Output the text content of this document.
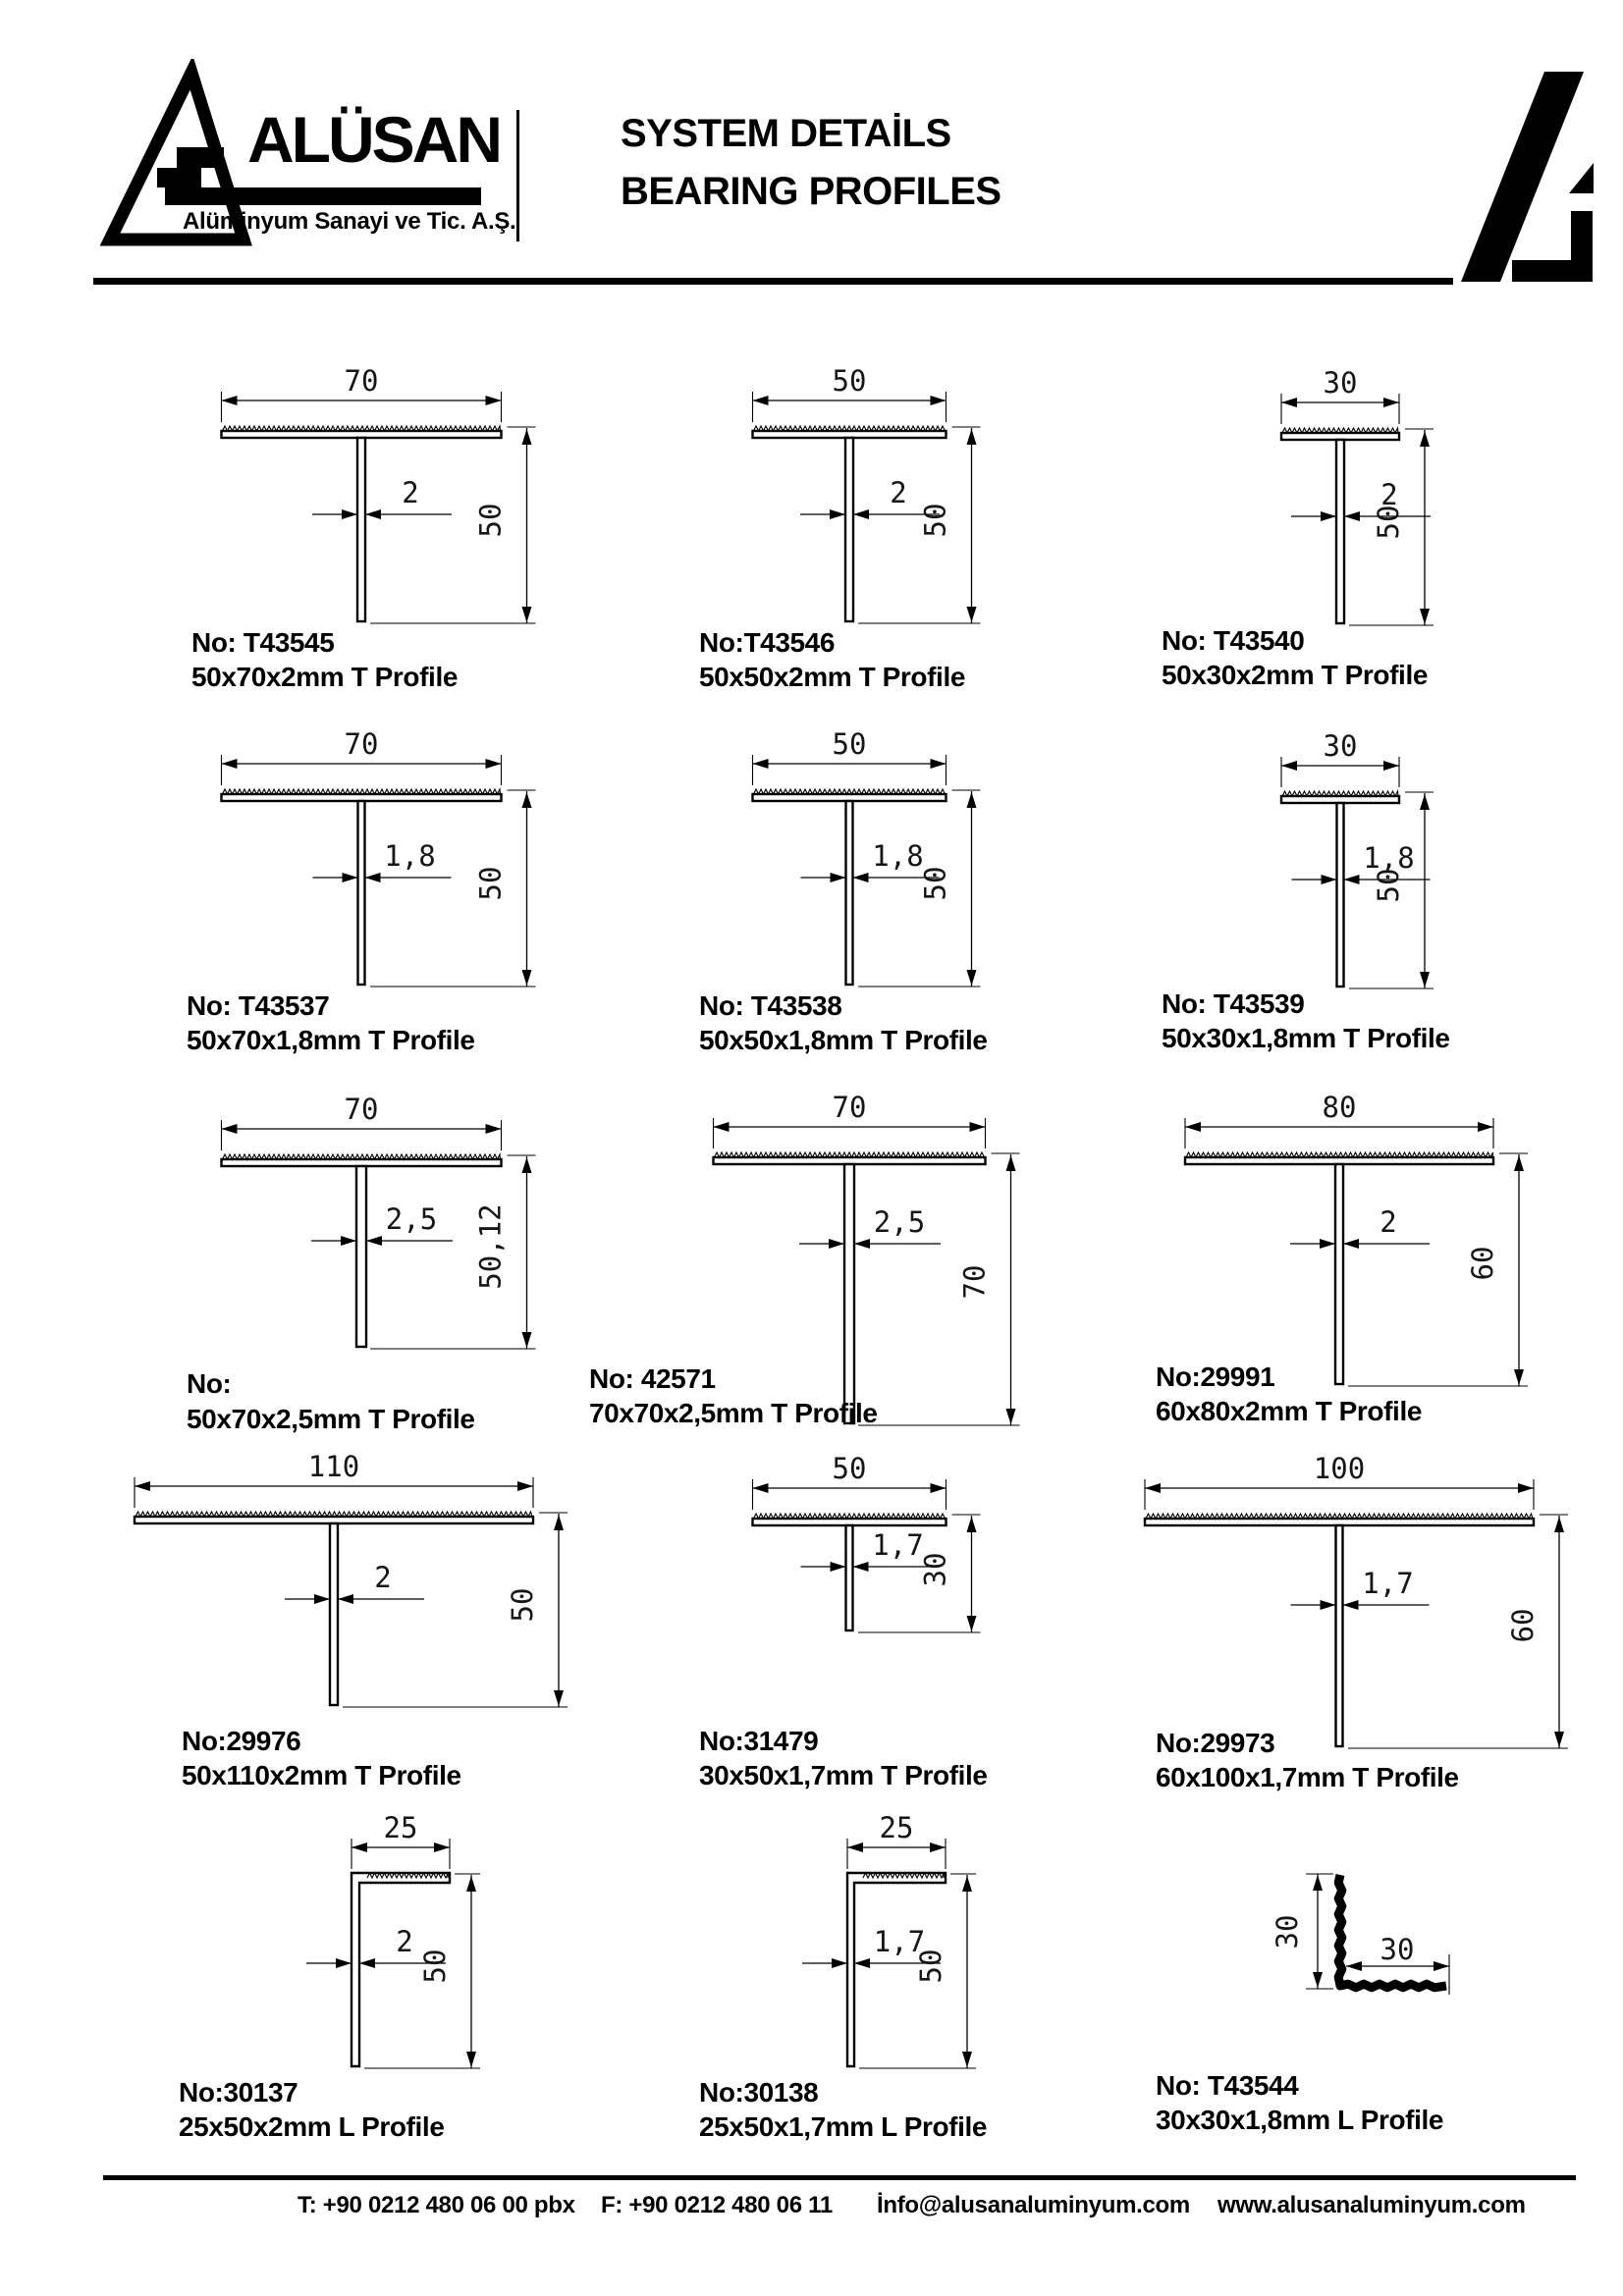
ALÜSAN
Alüminyum Sanayi ve Tic. A.Ş.
SYSTEM DETAİLS
BEARING PROFILES
70
2
50
No: T43545
50x70x2mm T Profile
50
2
50
No:T43546
50x50x2mm T Profile
30
2
50
No: T43540
50x30x2mm T Profile
70
1,8
50
No: T43537
50x70x1,8mm T Profile
50
1,8
50
No: T43538
50x50x1,8mm T Profile
30
1,8
50
No: T43539
50x30x1,8mm T Profile
70
2,5 50,12
No:
50x70x2,5mm T Profile
70
2,5
70
No: 42571
70x70x2,5mm T Profile
80
2
60
No:29991
60x80x2mm T Profile
110
2
50
No:29976
50x110x2mm T Profile
50
1,7
30
No:31479
30x50x1,7mm T Profile
100
1,7
60
No:29973
60x100x1,7mm T Profile
25
2
50
No:30137
25x50x2mm L Profile
25
1,7
50
No:30138
25x50x1,7mm L Profile
30
30
No: T43544
30x30x1,8mm L Profile
T: +90 0212 480 06 00 pbx F: +90 0212 480 06 11 İnfo@alusanaluminyum.com www.alusanaluminyum.com
